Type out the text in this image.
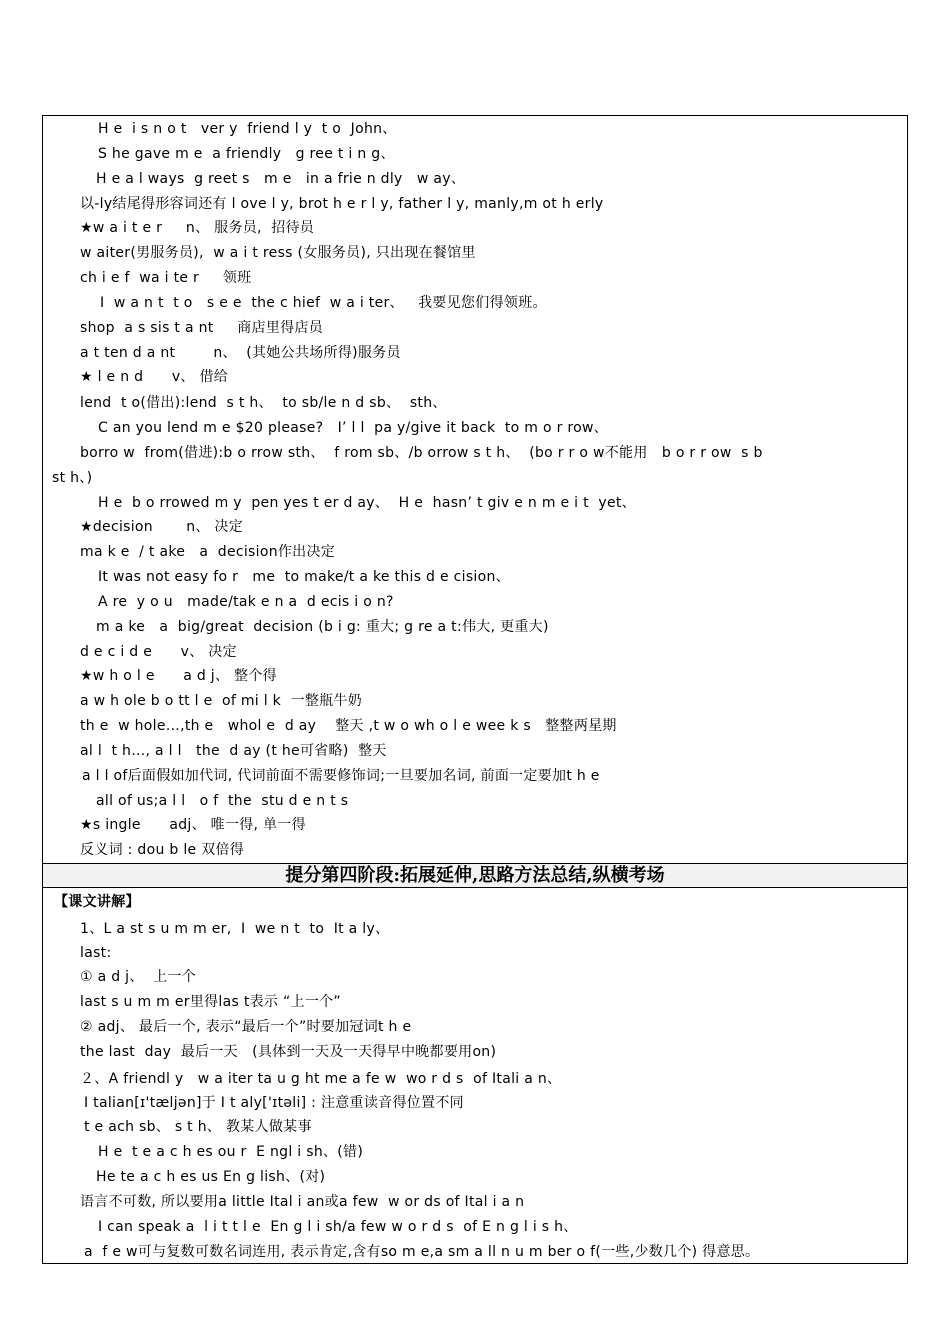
H e  i s n o t   ver y  friend l y  t o  John、
S he gave m e  a friendly   g ree t i n g、
H e a l ways  g reet s   m e   in a frie n dly   w ay、
以-ly结尾得形容词还有 l ove l y, brot h e r l y, father l y, manly,m ot h erly
★w a i t e r     n、 服务员,  招待员
w aiter(男服务员),  w a i t ress (女服务员), 只出现在餐馆里
ch i e f  wa i te r     领班
I  w a n t  t o   s e e  the c hief  w a i ter、   我要见您们得领班。
shop  a s sis t a nt     商店里得店员
a t ten d a nt        n、  (其她公共场所得)服务员
★ l e n d      v、 借给
lend  t o(借出):lend  s t h、  to sb/le n d sb、  sth、
C an you lend m e $20 please?   I’ l l  pa y/give it back  to m o r row、
borro w  from(借进):b o rrow sth、  f rom sb、/b orrow s t h、  (bo r r o w不能用   b o r r ow  s b
st h、)
H e  b o rrowed m y  pen yes t er d ay、  H e  hasn’ t giv e n m e i t  yet、
★decision       n、 决定
ma k e  / t ake   a  decision作出决定
It was not easy fo r   me  to make/t a ke this d e cision、
A re  y o u   made/tak e n a  d ecis i o n?
m a ke   a  big/great  decision (b i g: 重大; g re a t:伟大, 更重大)
d e c i d e      v、 决定
★w h o l e      a d j、 整个得
a w h ole b o tt l e  of mi l k  一整瓶牛奶
th e  w hole…,th e   whol e  d ay    整天 ,t w o wh o l e wee k s   整整两星期
al l  t h…, a l l   the  d ay (t he可省略)  整天
a l l of后面假如加代词, 代词前面不需要修饰词;一旦要加名词, 前面一定要加t h e
all of us;a l l   o f  the  stu d e n t s
★s ingle      adj、 唯一得, 单一得
反义词 : dou b le 双倍得
提分第四阶段:拓展延伸,思路方法总结,纵横考场
【课文讲解】
1、L a st s u m m er,  I  we n t  to  It a ly、
last:
① a d j、  上一个
last s u m m er里得las t表示 “上一个”
② adj、 最后一个, 表示“最后一个”时要加冠词t h e
the last  day  最后一天   (具体到一天及一天得早中晚都要用on)
２、A friendl y   w a iter ta u g ht me a fe w  wo r d s  of Itali a n、
I talian[ɪ'tæljən]于 I t aly['ɪtəli] : 注意重读音得位置不同
t e ach sb、 s t h、 教某人做某事
H e  t e a c h es ou r  E ngl i sh、(错)
He te a c h es us En g lish、(对)
语言不可数, 所以要用a little Ital i an或a few  w or ds of Ital i a n
I can speak a  l i t t l e  En g l i sh/a few w o r d s  of E n g l i s h、
a  f e w可与复数可数名词连用, 表示肯定,含有so m e,a sm a ll n u m ber o f(一些,少数几个) 得意思。
